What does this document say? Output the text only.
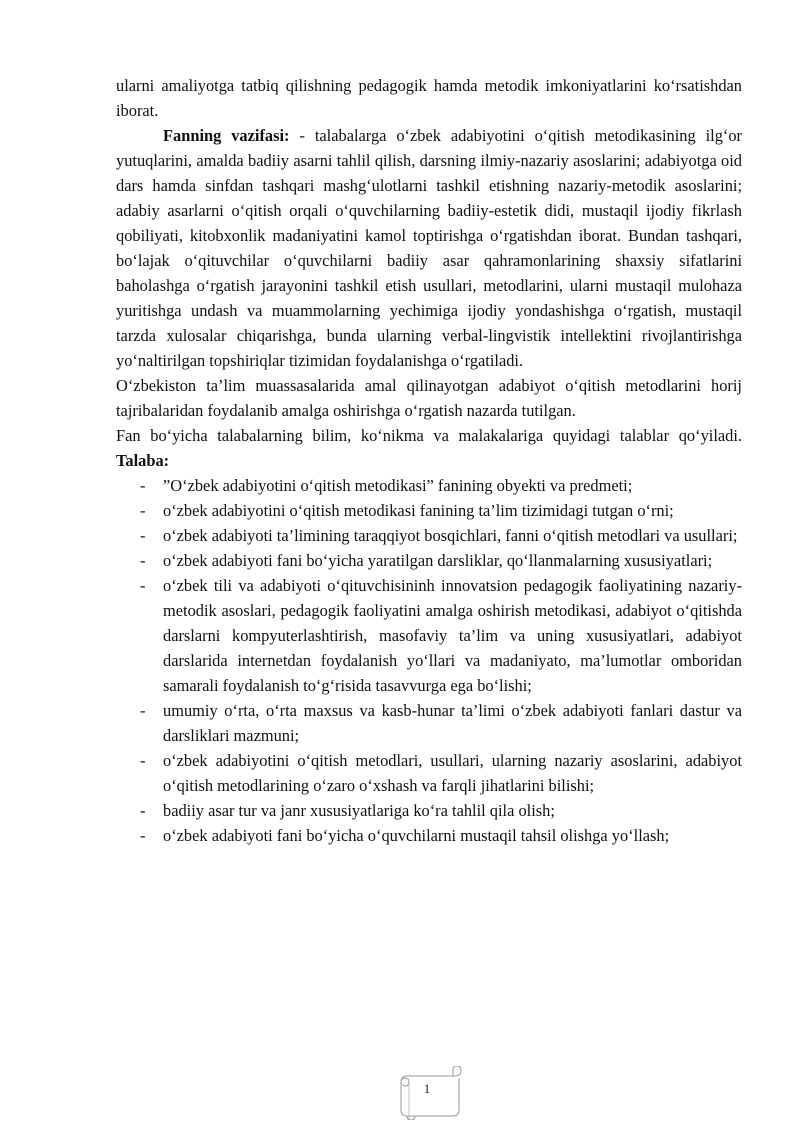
ularni amaliyotga tatbiq qilishning pedagogik hamda metodik imkoniyatlarini ko‘rsatishdan iborat.

Fanning vazifasi: - talabalarga o‘zbek adabiyotini o‘qitish metodikasining ilg‘or yutuqlarini, amalda badiiy asarni tahlil qilish, darsning ilmiy-nazariy asoslarini; adabiyotga oid dars hamda sinfdan tashqari mashg‘ulotlarni tashkil etishning nazariy-metodik asoslarini; adabiy asarlarni o‘qitish orqali o‘quvchilarning badiiy-estetik didi, mustaqil ijodiy fikrlash qobiliyati, kitobxonlik madaniyatini kamol toptirishga o‘rgatishdan iborat. Bundan tashqari, bo‘lajak o‘qituvchilar o‘quvchilarni badiiy asar qahramonlarining shaxsiy sifatlarini baholashga o‘rgatish jarayonini tashkil etish usullari, metodlarini, ularni mustaqil mulohaza yuritishga undash va muammolarning yechimiga ijodiy yondashishga o‘rgatish, mustaqil tarzda xulosalar chiqarishga, bunda ularning verbal-lingvistik intellektini rivojlantirishga yo‘naltirilgan topshiriqlar tizimidan foydalanishga o‘rgatiladi.

O‘zbekiston ta’lim muassasalarida amal qilinayotgan adabiyot o‘qitish metodlarini horij tajribalaridan foydalanib amalga oshirishga o‘rgatish nazarda tutilgan.

Fan bo‘yicha talabalarning bilim, ko‘nikma va malakalariga quyidagi talablar qo‘yiladi. Talaba:

- ”O‘zbek adabiyotini o‘qitish metodikasi” fanining obyekti va predmeti;
- o‘zbek adabiyotini o‘qitish metodikasi fanining ta’lim tizimidagi tutgan o‘rni;
- o‘zbek adabiyoti ta’limining taraqqiyot bosqichlari, fanni o‘qitish metodlari va usullari;
- o‘zbek adabiyoti fani bo‘yicha yaratilgan darsliklar, qo‘llanmalarning xususiyatlari;
- o‘zbek tili va adabiyoti o‘qituvchisininh innovatsion pedagogik faoliyatining nazariy-metodik asoslari, pedagogik faoliyatini amalga oshirish metodikasi, adabiyot o‘qitishda darslarni kompyuterlashtirish, masofaviy ta’lim va uning xususiyatlari, adabiyot darslarida internetdan foydalanish yo‘llari va madaniyato, ma’lumotlar omboridan samarali foydalanish to‘g‘risida tasavvurga ega bo‘lishi;
- umumiy o‘rta, o‘rta maxsus va kasb-hunar ta’limi o‘zbek adabiyoti fanlari dastur va darsliklari mazmuni;
- o‘zbek adabiyotini o‘qitish metodlari, usullari, ularning nazariy asoslarini, adabiyot o‘qitish metodlarining o‘zaro o‘xshash va farqli jihatlarini bilishi;
- badiiy asar tur va janr xususiyatlariga ko‘ra tahlil qila olish;
- o‘zbek adabiyoti fani bo‘yicha o‘quvchilarni mustaqil tahsil olishga yo‘llash;
1
